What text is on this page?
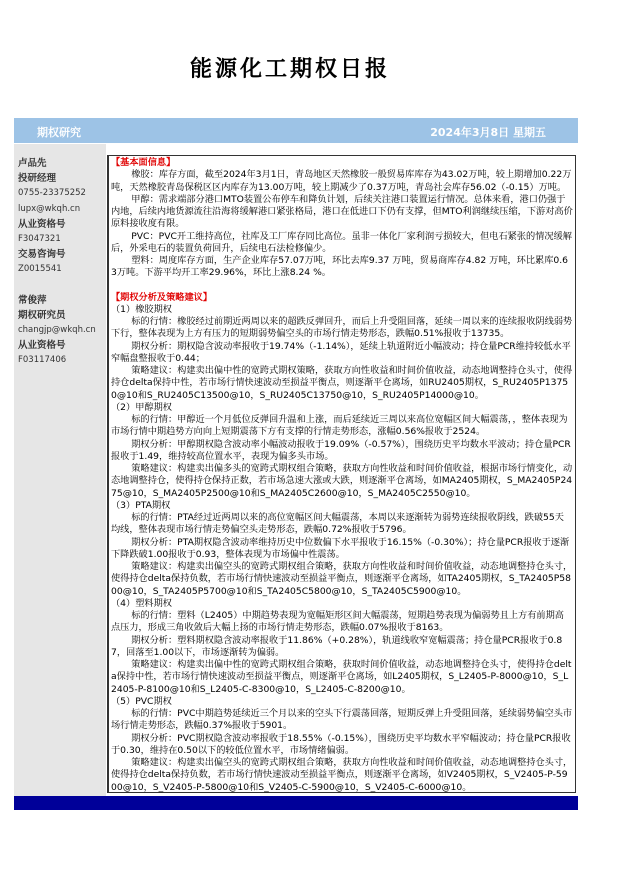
能源化工期权日报
期权研究	2024年3月8日 星期五
卢品先
投研经理
0755-23375252
lupx@wkqh.cn
从业资格号
F3047321
交易咨询号
Z0015541
常俊萍
期权研究员
changjp@wkqh.cn
从业资格号
F03117406
【基本面信息】

橡胶：库存方面，截至2024年3月1日，青岛地区天然橡胶一般贸易库库存为43.02万吨，较上期增加0.22万吨，天然橡胶青岛保税区区内库存为13.00万吨，较上期减少了0.37万吨，青岛社会库存56.02（-0.15）万吨。

甲醇：需求端部分港口MTO装置公布停车和降负计划，后续关注港口装置运行情况。总体来看，港口仍强于内地，后续内地货源流往沿海将缓解港口紧张格局，港口在低进口下仍有支撑，但MTO利润继续压缩，下游对高价原料接收度有限。

PVC：PVC开工维持高位，社库及工厂库存同比高位。虽非一体化厂家利润亏损较大，但电石紧张的情况缓解后，外采电石的装置负荷回升，后续电石法检修偏少。

塑料：周度库存方面，生产企业库存57.07万吨，环比去库9.37 万吨，贸易商库存4.82 万吨，环比累库0.63万吨。下游平均开工率29.96%，环比上涨8.24 %。

【期权分析及策略建议】

（1）橡胶期权

标的行情：橡胶经过前期近两周以来的超跌反弹回升，而后上升受阻回落，延续一周以来的连续报收阴线弱势下行，整体表现为上方有压力的短期弱势偏空头的市场行情走势形态，跌幅0.51%报收于13735。

期权分析：期权隐含波动率报收于19.74%（-1.14%），延续上轨道附近小幅波动；持仓量PCR维持较低水平窄幅盘整报收于0.44；

策略建议：构建卖出偏中性的宽跨式期权策略，获取方向性收益和时间价值收益，动态地调整持仓头寸，使得持仓delta保持中性，若市场行情快速波动至损益平衡点，则逐渐平仓离场，如RU2405期权，S_RU2405P13750@10和S_RU2405C13500@10，S_RU2405C13750@10，S_RU2405P14000@10。

（2）甲醇期权

标的行情：甲醇近一个月低位反弹回升温和上涨，而后延续近三周以来高位宽幅区间大幅震荡，，整体表现为市场行情中期趋势方向向上短期震荡下方有支撑的行情走势形态，涨幅0.56%报收于2524。

期权分析：甲醇期权隐含波动率小幅波动报收于19.09%（-0.57%），围绕历史平均数水平波动；持仓量PCR报收于1.49，维持较高位置水平，表现为偏多头市场。

策略建议：构建卖出偏多头的宽跨式期权组合策略，获取方向性收益和时间价值收益，根据市场行情变化，动态地调整持仓，使得持仓保持正数，若市场急速大涨或大跌，则逐渐平仓离场，如MA2405期权，S_MA2405P2475@10，S_MA2405P2500@10和S_MA2405C2600@10，S_MA2405C2550@10。

（3）PTA期权

标的行情：PTA经过近两周以来的高位宽幅区间大幅震荡，本周以来逐渐转为弱势连续报收阴线，跌破55天均线，整体表现市场行情走势偏空头走势形态，跌幅0.72%报收于5796。

期权分析：PTA期权隐含波动率维持历史中位数偏下水平报收于16.15%（-0.30%）；持仓量PCR报收于逐渐下降跌破1.00报收于0.93，整体表现为市场偏中性震荡。

策略建议：构建卖出偏空头的宽跨式期权组合策略，获取方向性收益和时间价值收益，动态地调整持仓头寸，使得持仓delta保持负数，若市场行情快速波动至损益平衡点，则逐渐平仓离场，如TA2405期权，S_TA2405P5800@10，S_TA2405P5700@10和S_TA2405C5800@10，S_TA2405C5900@10。

（4）塑料期权

标的行情：塑料（L2405）中期趋势表现为宽幅矩形区间大幅震荡，短期趋势表现为偏弱势且上方有前期高点压力，形成三角收敛后大幅上扬的市场行情走势形态，跌幅0.07%报收于8163。

期权分析：塑料期权隐含波动率报收于11.86%（+0.28%），轨道线收窄宽幅震荡；持仓量PCR报收于0.87，回落至1.00以下，市场逐渐转为偏弱。

策略建议：构建卖出偏中性的宽跨式期权组合策略，获取时间价值收益，动态地调整持仓头寸，使得持仓delta保持中性，若市场行情快速波动至损益平衡点，则逐渐平仓离场，如L2405期权，S_L2405-P-8000@10，S_L2405-P-8100@10和S_L2405-C-8300@10，S_L2405-C-8200@10。

（5）PVC期权

标的行情：PVC中期趋势延续近三个月以来的空头下行震荡回落，短期反弹上升受阻回落，延续弱势偏空头市场行情走势形态，跌幅0.37%报收于5901。

期权分析：PVC期权隐含波动率报收于18.55%（-0.15%），围绕历史平均数水平窄幅波动；持仓量PCR报收于0.30，维持在0.50以下的较低位置水平，市场情绪偏弱。

策略建议：构建卖出偏空头的宽跨式期权组合策略，获取方向性收益和时间价值收益，动态地调整持仓头寸，使得持仓delta保持负数，若市场行情快速波动至损益平衡点，则逐渐平仓离场，如V2405期权，S_V2405-P-5900@10，S_V2405-P-5800@10和S_V2405-C-5900@10，S_V2405-C-6000@10。
